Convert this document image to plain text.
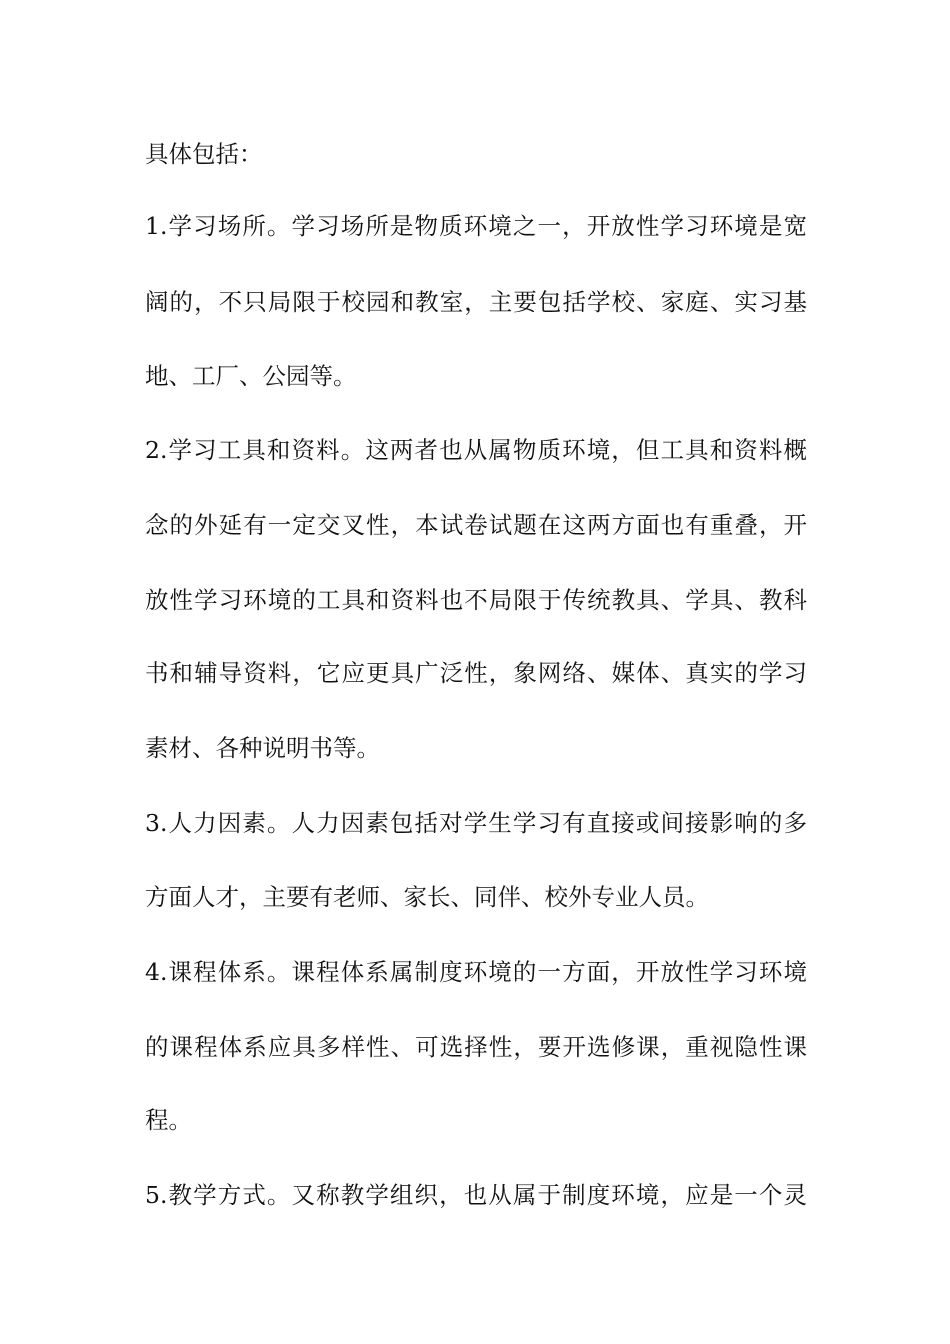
具体包括：

1.学习场所。学习场所是物质环境之一，开放性学习环境是宽

阔的，不只局限于校园和教室，主要包括学校、家庭、实习基

地、工厂、公园等。

2.学习工具和资料。这两者也从属物质环境，但工具和资料概

念的外延有一定交叉性，本试卷试题在这两方面也有重叠，开

放性学习环境的工具和资料也不局限于传统教具、学具、教科

书和辅导资料，它应更具广泛性，象网络、媒体、真实的学习

素材、各种说明书等。

3.人力因素。人力因素包括对学生学习有直接或间接影响的多

方面人才，主要有老师、家长、同伴、校外专业人员。

4.课程体系。课程体系属制度环境的一方面，开放性学习环境

的课程体系应具多样性、可选择性，要开选修课，重视隐性课

程。

5.教学方式。又称教学组织，也从属于制度环境，应是一个灵
